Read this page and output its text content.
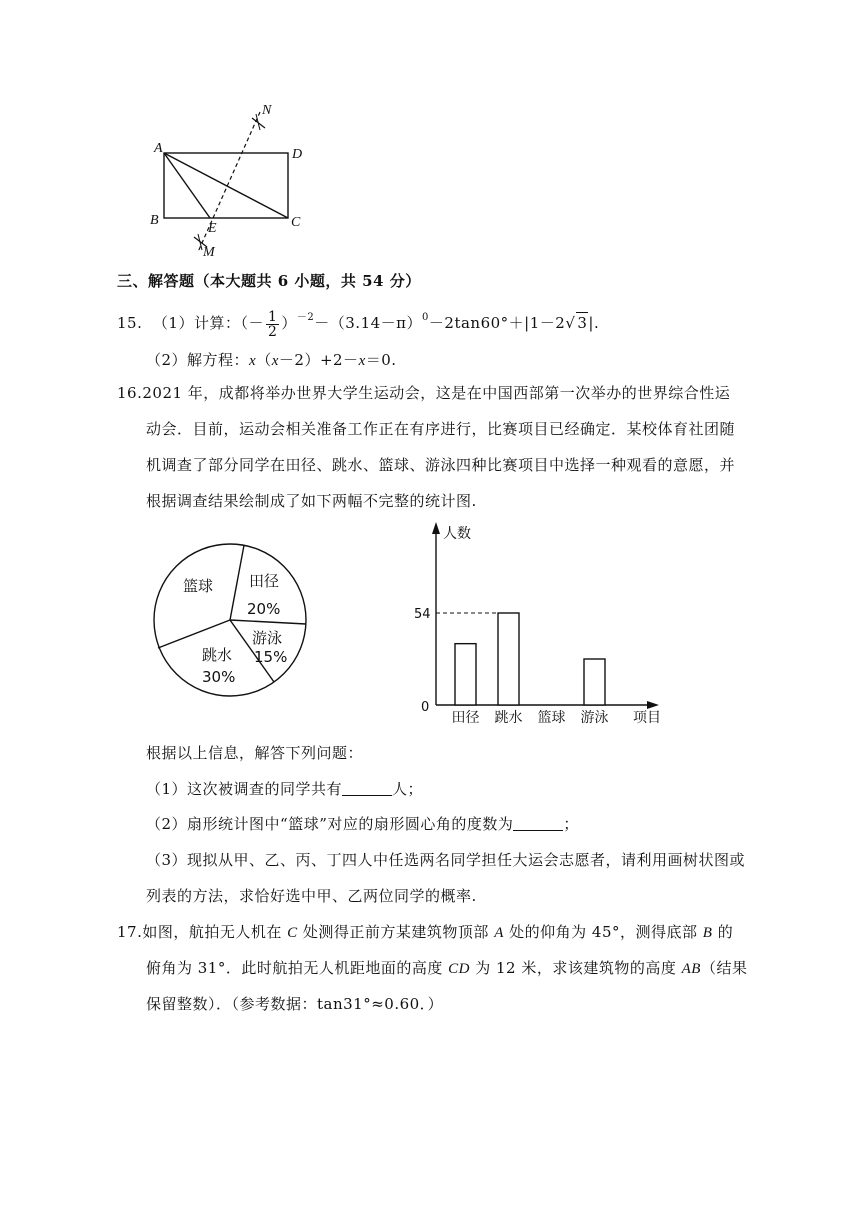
A	D
B
E	C
N
M
三、解答题（本大题共 6 小题，共 54 分）
15. （1）计算：（－ $\frac{1}{2} )^{-2}-(3.14-\pi)^0-2\tan 60^\circ+|1-2√$ 3|.
（2）解方程：x（x－2）+2－x＝0.
16.2021 年，成都将举办世界大学生运动会，这是在中国西部第一次举办的世界综合性运
动会．目前，运动会相关准备工作正在有序进行，比赛项目已经确定．某校体育社团随
机调查了部分同学在田径、跳水、篮球、游泳四种比赛项目中选择一种观看的意愿，并
根据调查结果绘制成了如下两幅不完整的统计图.
篮球 田径
20%
游泳
15%
跳水
30%
人数
项目
0
54
田径 跳水 篮球 游泳
根据以上信息，解答下列问题：
（1）这次被调查的同学共有	人；
（2）扇形统计图中“篮球”对应的扇形圆心角的度数为	；
（3）现拟从甲、乙、丙、丁四人中任选两名同学担任大运会志愿者，请利用画树状图或
列表的方法，求恰好选中甲、乙两位同学的概率.
17.如图，航拍无人机在 C 处测得正前方某建筑物顶部 A 处的仰角为 45°，测得底部 B 的
俯角为 31°．此时航拍无人机距地面的高度 CD 为 12 米，求该建筑物的高度 AB（结果
保留整数）．（参考数据：tan31°≈0.60．）
